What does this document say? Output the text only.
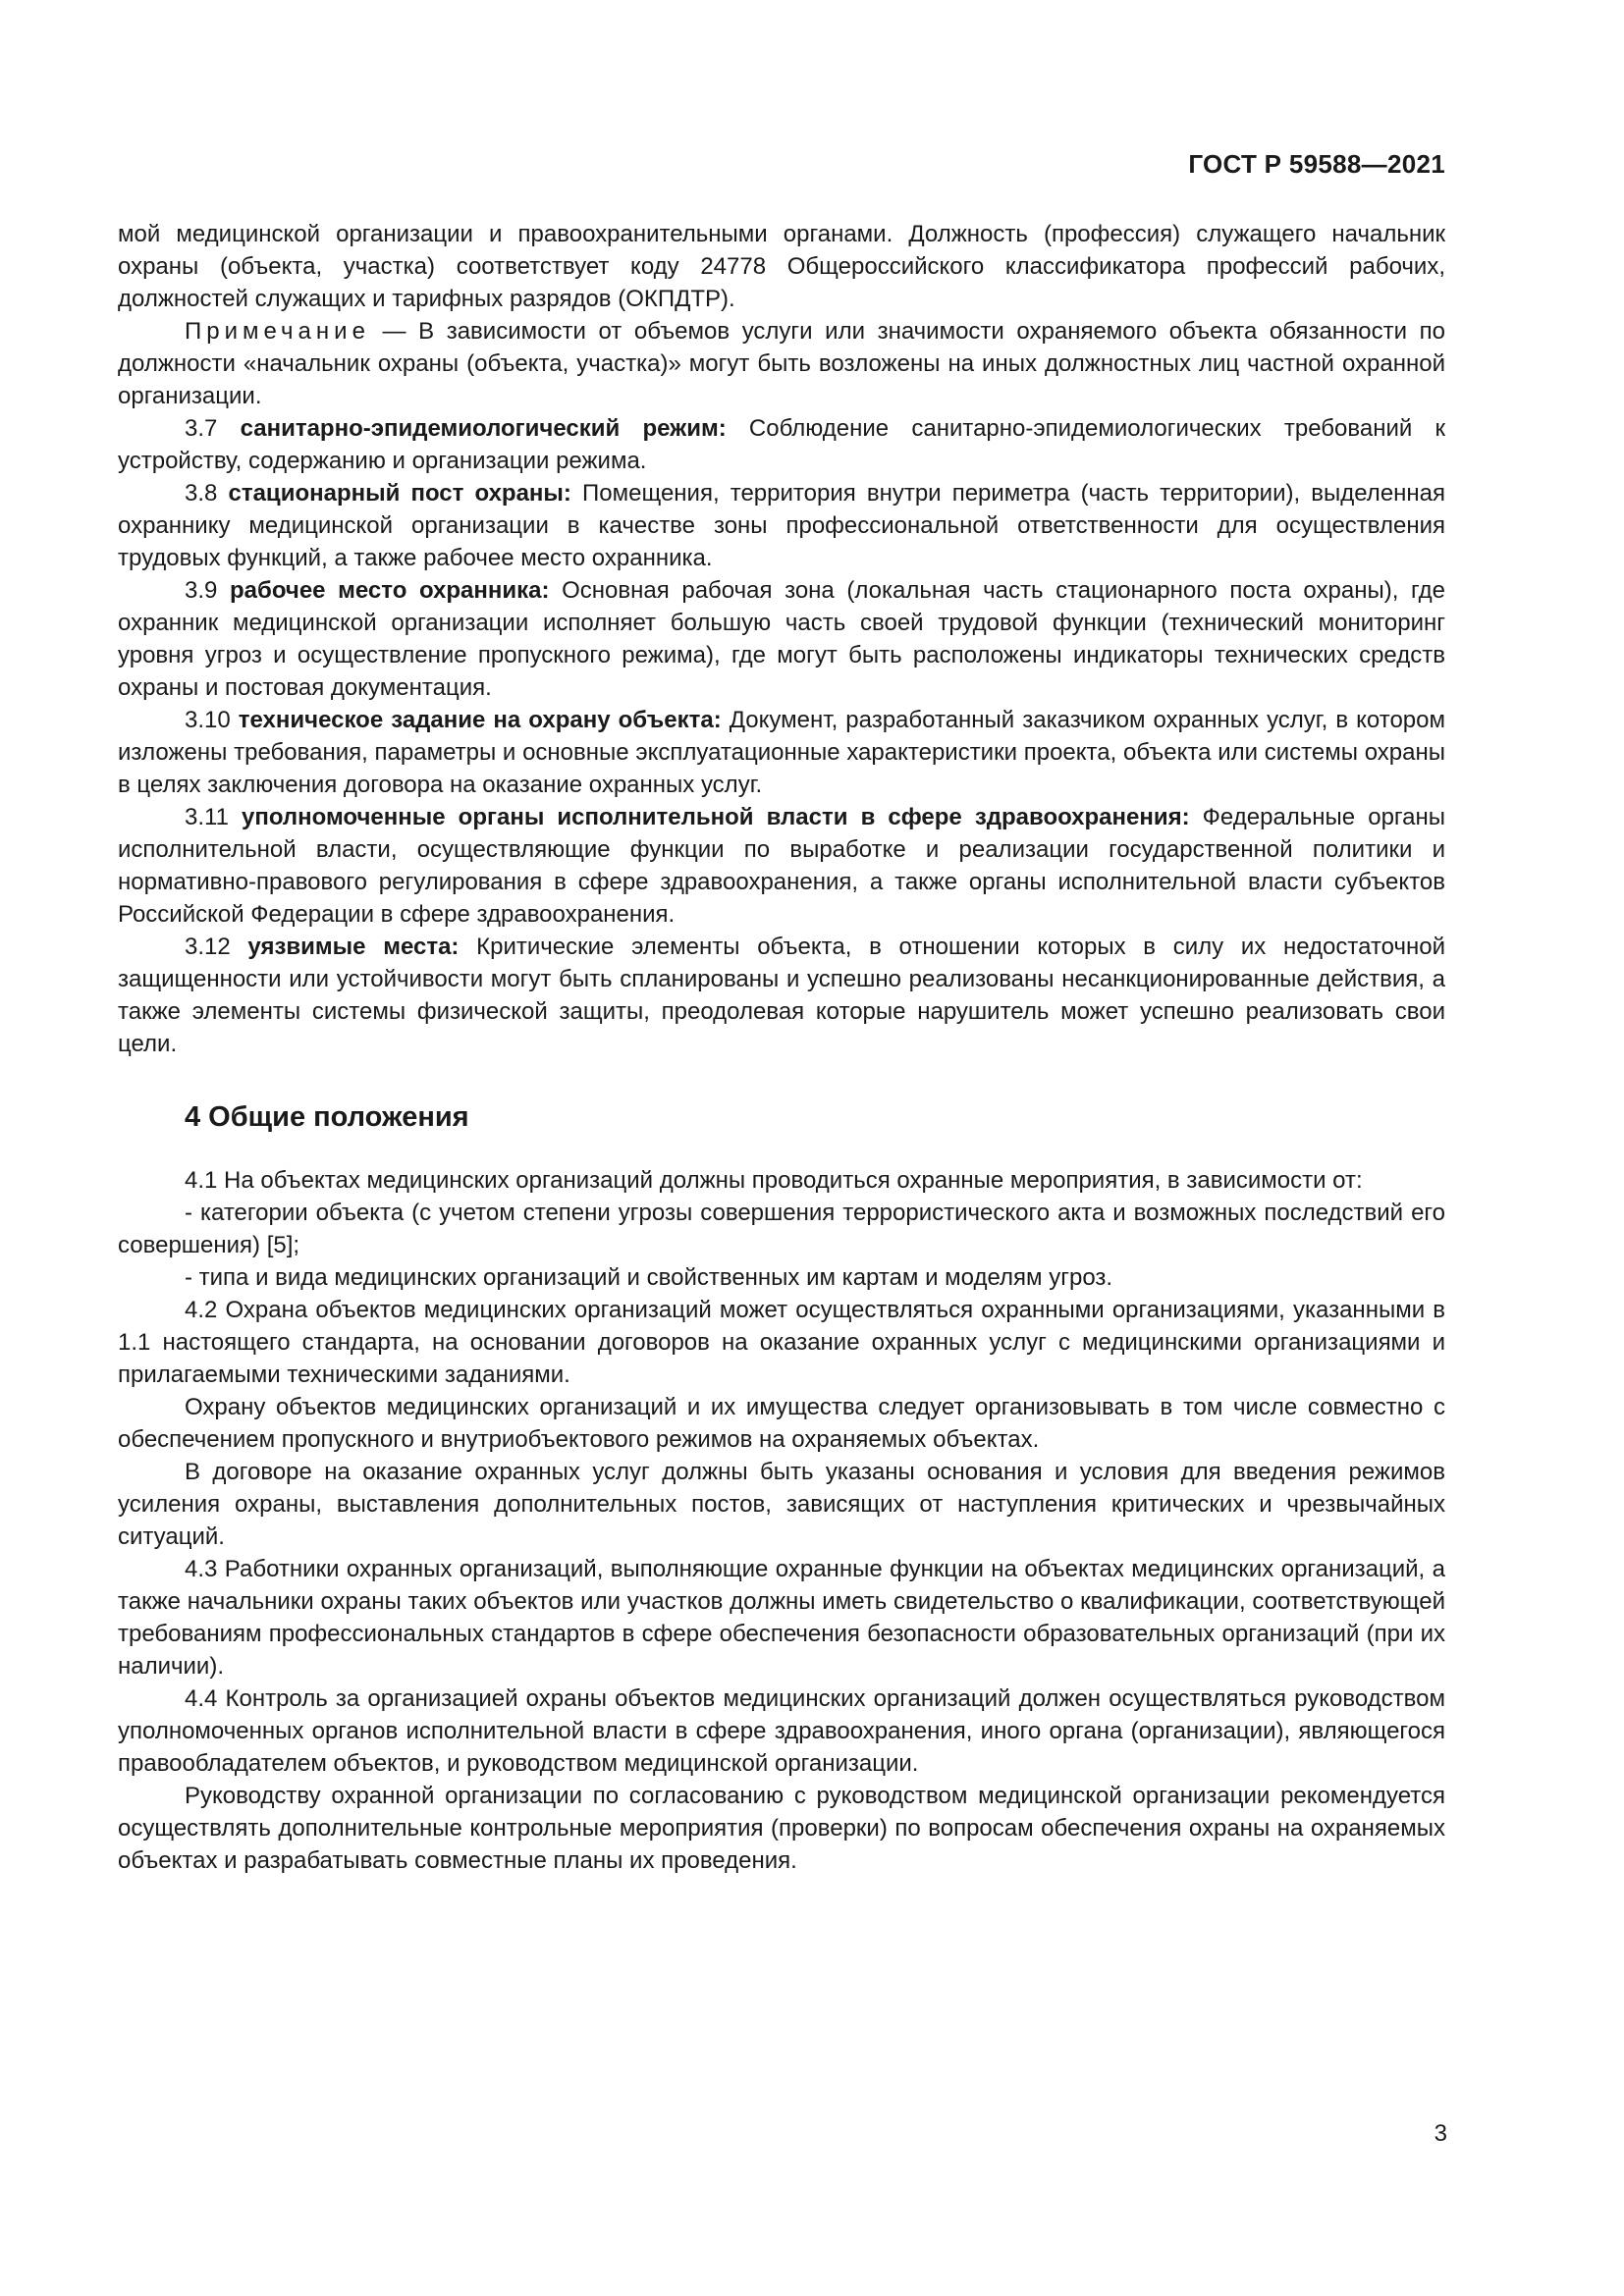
ГОСТ Р 59588—2021

мой медицинской организации и правоохранительными органами. Должность (профессия) служащего начальник охраны (объекта, участка) соответствует коду 24778 Общероссийского классификатора профессий рабочих, должностей служащих и тарифных разрядов (ОКПДТР).

Примечание — В зависимости от объемов услуги или значимости охраняемого объекта обязанности по должности «начальник охраны (объекта, участка)» могут быть возложены на иных должностных лиц частной охранной организации.

3.7 санитарно-эпидемиологический режим: Соблюдение санитарно-эпидемиологических требований к устройству, содержанию и организации режима.

3.8 стационарный пост охраны: Помещения, территория внутри периметра (часть территории), выделенная охраннику медицинской организации в качестве зоны профессиональной ответственности для осуществления трудовых функций, а также рабочее место охранника.

3.9 рабочее место охранника: Основная рабочая зона (локальная часть стационарного поста охраны), где охранник медицинской организации исполняет большую часть своей трудовой функции (технический мониторинг уровня угроз и осуществление пропускного режима), где могут быть расположены индикаторы технических средств охраны и постовая документация.

3.10 техническое задание на охрану объекта: Документ, разработанный заказчиком охранных услуг, в котором изложены требования, параметры и основные эксплуатационные характеристики проекта, объекта или системы охраны в целях заключения договора на оказание охранных услуг.

3.11 уполномоченные органы исполнительной власти в сфере здравоохранения: Федеральные органы исполнительной власти, осуществляющие функции по выработке и реализации государственной политики и нормативно-правового регулирования в сфере здравоохранения, а также органы исполнительной власти субъектов Российской Федерации в сфере здравоохранения.

3.12 уязвимые места: Критические элементы объекта, в отношении которых в силу их недостаточной защищенности или устойчивости могут быть спланированы и успешно реализованы несанкционированные действия, а также элементы системы физической защиты, преодолевая которые нарушитель может успешно реализовать свои цели.

4 Общие положения

4.1 На объектах медицинских организаций должны проводиться охранные мероприятия, в зависимости от:

- категории объекта (с учетом степени угрозы совершения террористического акта и возможных последствий его совершения) [5];

- типа и вида медицинских организаций и свойственных им картам и моделям угроз.

4.2 Охрана объектов медицинских организаций может осуществляться охранными организациями, указанными в 1.1 настоящего стандарта, на основании договоров на оказание охранных услуг с медицинскими организациями и прилагаемыми техническими заданиями.

Охрану объектов медицинских организаций и их имущества следует организовывать в том числе совместно с обеспечением пропускного и внутриобъектового режимов на охраняемых объектах.

В договоре на оказание охранных услуг должны быть указаны основания и условия для введения режимов усиления охраны, выставления дополнительных постов, зависящих от наступления критических и чрезвычайных ситуаций.

4.3 Работники охранных организаций, выполняющие охранные функции на объектах медицинских организаций, а также начальники охраны таких объектов или участков должны иметь свидетельство о квалификации, соответствующей требованиям профессиональных стандартов в сфере обеспечения безопасности образовательных организаций (при их наличии).

4.4 Контроль за организацией охраны объектов медицинских организаций должен осуществляться руководством уполномоченных органов исполнительной власти в сфере здравоохранения, иного органа (организации), являющегося правообладателем объектов, и руководством медицинской организации.

Руководству охранной организации по согласованию с руководством медицинской организации рекомендуется осуществлять дополнительные контрольные мероприятия (проверки) по вопросам обеспечения охраны на охраняемых объектах и разрабатывать совместные планы их проведения.

3
